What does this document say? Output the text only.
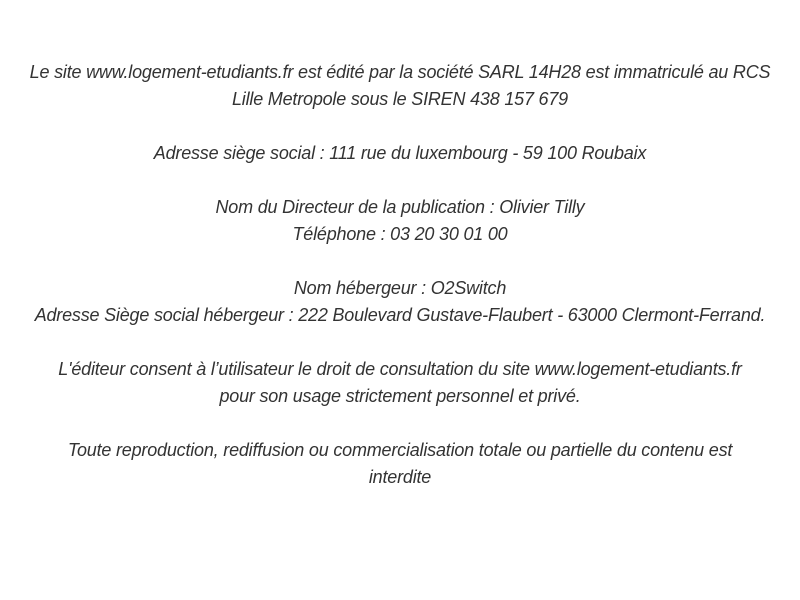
Le site www.logement-etudiants.fr est édité par la société SARL 14H28 est immatriculé au RCS
Lille Metropole sous le SIREN 438 157 679

Adresse siège social : 111 rue du luxembourg - 59 100 Roubaix

Nom du Directeur de la publication : Olivier Tilly
Téléphone : 03 20 30 01 00

Nom hébergeur : O2Switch
Adresse Siège social hébergeur : 222 Boulevard Gustave-Flaubert - 63000 Clermont-Ferrand.

L'éditeur consent à l’utilisateur le droit de consultation du site www.logement-etudiants.fr
pour son usage strictement personnel et privé.

Toute reproduction, rediffusion ou commercialisation totale ou partielle du contenu est
interdite
